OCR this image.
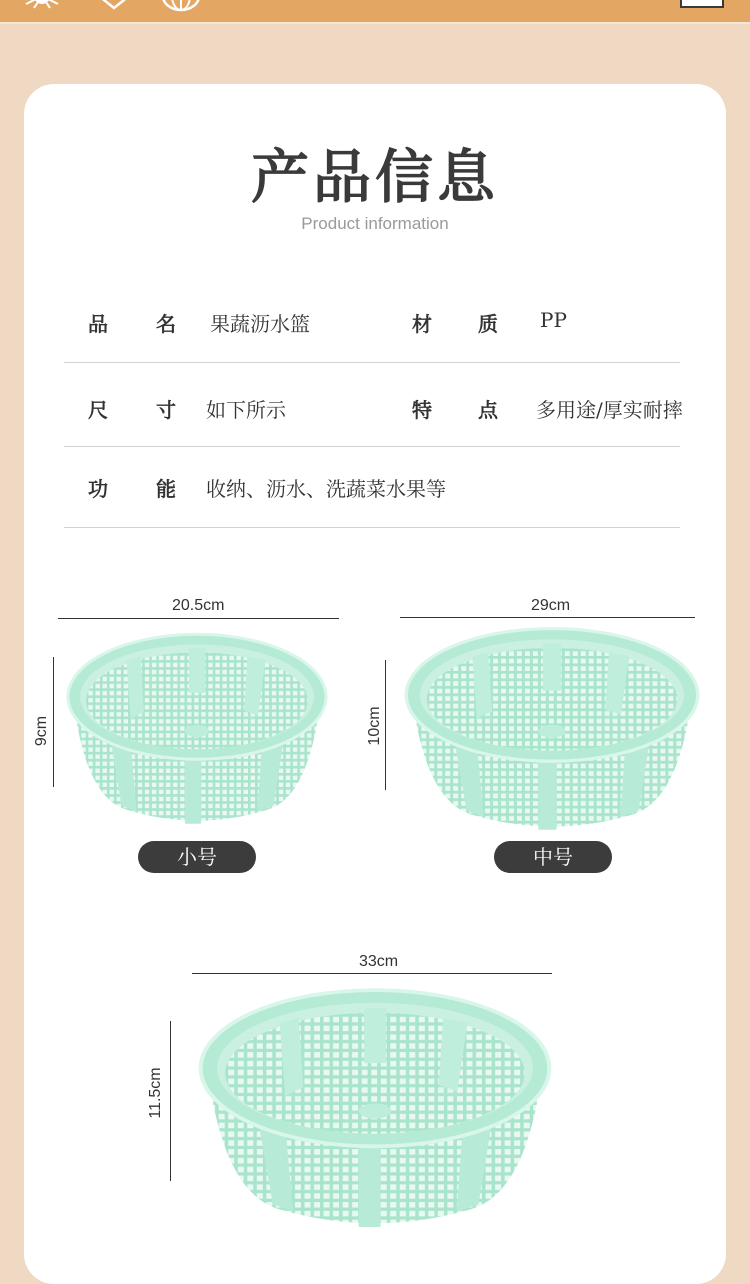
产品信息
Product information
品 名 果蔬沥水篮	材 质 PP
尺 寸 如下所示	特 点 多用途/厚实耐摔
功 能 收纳、沥水、洗蔬菜水果等
20.5cm
9cm
小号
29cm
10cm
中号
33cm
11.5cm
